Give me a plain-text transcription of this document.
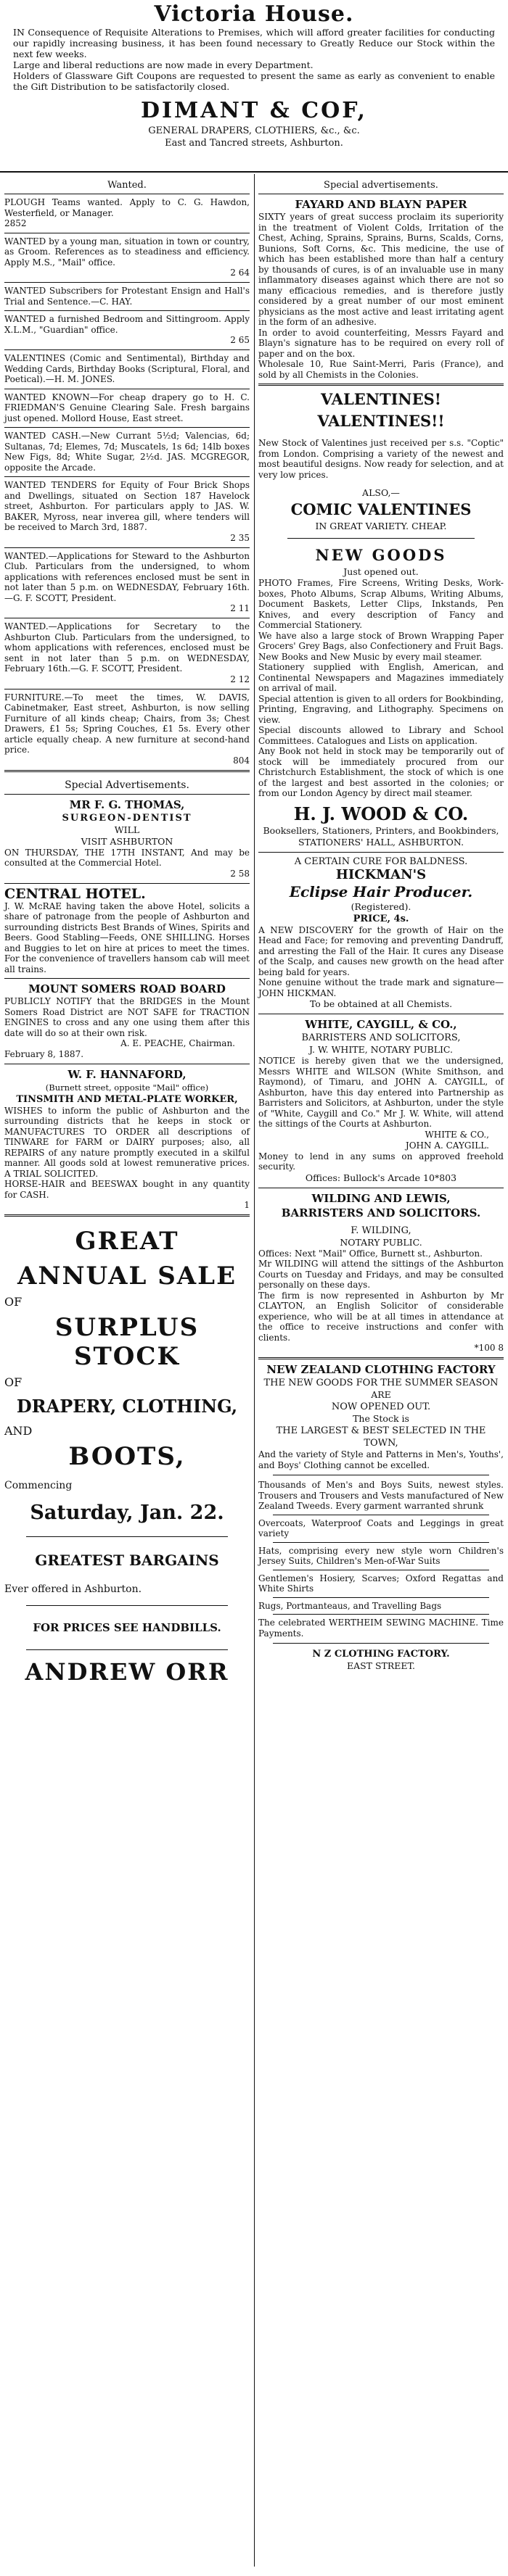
Victoria House.

IN Consequence of Requisite Alterations to Premises, which will afford greater facilities for conducting our rapidly increasing business, it has been found necessary to Greatly Reduce our Stock within the next few weeks.

Large and liberal reductions are now made in every Department.

Holders of Glassware Gift Coupons are requested to present the same as early as convenient to enable the Gift Distribution to be satisfactorily closed.

DIMANT & COF,
GENERAL DRAPERS, CLOTHIERS, &c., &c.
East and Tancred streets, Ashburton.
Wanted.

PLOUGH Teams wanted. Apply to C. G. Hawdon, Westerfield, or Manager.

2852

WANTED by a young man, situation in town or country, as Groom. References as to steadiness and efficiency. Apply M.S., "Mail" office.

2 64

WANTED Subscribers for Protestant Ensign and Hall's Trial and Sentence.—C. HAY.

WANTED a furnished Bedroom and Sittingroom. Apply X.L.M., "Guardian" office.

2 65

VALENTINES (Comic and Sentimental), Birthday and Wedding Cards, Birthday Books (Scriptural, Floral, and Poetical).—H. M. JONES.

WANTED KNOWN—For cheap drapery go to H. C. FRIEDMAN'S Genuine Clearing Sale. Fresh bargains just opened. Mollord House, East street.

WANTED CASH.—New Currant 5½d; Valencias, 6d; Sultanas, 7d; Elemes, 7d; Muscatels, 1s 6d; 14lb boxes New Figs, 8d; White Sugar, 2½d. JAS. MCGREGOR, opposite the Arcade.

WANTED TENDERS for Equity of Four Brick Shops and Dwellings, situated on Section 187 Havelock street, Ashburton. For particulars apply to JAS. W. BAKER, Myross, near inverea gill, where tenders will be received to March 3rd, 1887.

2 35

WANTED.—Applications for Steward to the Ashburton Club. Particulars from the undersigned, to whom applications with references enclosed must be sent in not later than 5 p.m. on WEDNESDAY, February 16th.—G. F. SCOTT, President.

2 11

WANTED.—Applications for Secretary to the Ashburton Club. Particulars from the undersigned, to whom applications with references, enclosed must be sent in not later than 5 p.m. on WEDNESDAY, February 16th.—G. F. SCOTT, President.

2 12

FURNITURE.—To meet the times, W. DAVIS, Cabinetmaker, East street, Ashburton, is now selling Furniture of all kinds cheap; Chairs, from 3s; Chest Drawers, £1 5s; Spring Couches, £1 5s. Every other article equally cheap. A new furniture at second-hand price.

804

Special Advertisements.
MR F. G. THOMAS,
SURGEON-DENTIST
WILL
VISIT ASHBURTON

ON THURSDAY, THE 17TH INSTANT, And may be consulted at the Commercial Hotel.

2 58

CENTRAL HOTEL.

J. W. McRAE having taken the above Hotel, solicits a share of patronage from the people of Ashburton and surrounding districts Best Brands of Wines, Spirits and Beers. Good Stabling—Feeds, ONE SHILLING. Horses and Buggies to let on hire at prices to meet the times. For the convenience of travellers hansom cab will meet all trains.

MOUNT SOMERS ROAD BOARD

PUBLICLY NOTIFY that the BRIDGES in the Mount Somers Road District are NOT SAFE for TRACTION ENGINES to cross and any one using them after this date will do so at their own risk.

A. E. PEACHE, Chairman.

February 8, 1887.

W. F. HANNAFORD,
(Burnett street, opposite "Mail" office)
TINSMITH AND METAL-PLATE WORKER,

WISHES to inform the public of Ashburton and the surrounding districts that he keeps in stock or MANUFACTURES TO ORDER all descriptions of TINWARE for FARM or DAIRY purposes; also, all REPAIRS of any nature promptly executed in a skilful manner. All goods sold at lowest remunerative prices. A TRIAL SOLICITED.

HORSE-HAIR and BEESWAX bought in any quantity for CASH.

1

GREAT
ANNUAL SALE
OF
SURPLUS STOCK
OF
DRAPERY, CLOTHING,
AND
BOOTS,
Commencing
Saturday, Jan. 22.
GREATEST BARGAINS
Ever offered in Ashburton.
FOR PRICES SEE HANDBILLS.
ANDREW ORR
Special advertisements.
FAYARD AND BLAYN PAPER

SIXTY years of great success proclaim its superiority in the treatment of Violent Colds, Irritation of the Chest, Aching, Sprains, Sprains, Burns, Scalds, Corns, Bunions, Soft Corns, &c. This medicine, the use of which has been established more than half a century by thousands of cures, is of an invaluable use in many inflammatory diseases against which there are not so many efficacious remedies, and is therefore justly considered by a great number of our most eminent physicians as the most active and least irritating agent in the form of an adhesive.

In order to avoid counterfeiting, Messrs Fayard and Blayn's signature has to be required on every roll of paper and on the box.

Wholesale 10, Rue Saint-Merri, Paris (France), and sold by all Chemists in the Colonies.

VALENTINES! VALENTINES!!

New Stock of Valentines just received per s.s. "Coptic" from London. Comprising a variety of the newest and most beautiful designs. Now ready for selection, and at very low prices.

ALSO,—
COMIC VALENTINES
IN GREAT VARIETY. CHEAP.
NEW GOODS
Just opened out.

PHOTO Frames, Fire Screens, Writing Desks, Work-boxes, Photo Albums, Scrap Albums, Writing Albums, Document Baskets, Letter Clips, Inkstands, Pen Knives, and every description of Fancy and Commercial Stationery.

We have also a large stock of Brown Wrapping Paper Grocers' Grey Bags, also Confectionery and Fruit Bags.

New Books and New Music by every mail steamer.

Stationery supplied with English, American, and Continental Newspapers and Magazines immediately on arrival of mail.

Special attention is given to all orders for Bookbinding, Printing, Engraving, and Lithography. Specimens on view.

Special discounts allowed to Library and School Committees. Catalogues and Lists on application.

Any Book not held in stock may be temporarily out of stock will be immediately procured from our Christchurch Establishment, the stock of which is one of the largest and best assorted in the colonies; or from our London Agency by direct mail steamer.

H. J. WOOD & CO.
Booksellers, Stationers, Printers, and Bookbinders,
STATIONERS' HALL, ASHBURTON.
A CERTAIN CURE FOR BALDNESS.
HICKMAN'S
Eclipse Hair Producer.
(Registered).
PRICE, 4s.

A NEW DISCOVERY for the growth of Hair on the Head and Face; for removing and preventing Dandruff, and arresting the Fall of the Hair. It cures any Disease of the Scalp, and causes new growth on the head after being bald for years.

None genuine without the trade mark and signature—JOHN HICKMAN.

To be obtained at all Chemists.

WHITE, CAYGILL, & CO.,
BARRISTERS AND SOLICITORS,
J. W. WHITE, NOTARY PUBLIC.

NOTICE is hereby given that we the undersigned, Messrs WHITE and WILSON (White Smithson, and Raymond), of Timaru, and JOHN A. CAYGILL, of Ashburton, have this day entered into Partnership as Barristers and Solicitors, at Ashburton, under the style of "White, Caygill and Co." Mr J. W. White, will attend the sittings of the Courts at Ashburton.

WHITE & CO.,

JOHN A. CAYGILL.

Money to lend in any sums on approved freehold security.

Offices: Bullock's Arcade 10*803

WILDING AND LEWIS,
BARRISTERS AND SOLICITORS.
F. WILDING,
NOTARY PUBLIC.

Offices: Next "Mail" Office, Burnett st., Ashburton.

Mr WILDING will attend the sittings of the Ashburton Courts on Tuesday and Fridays, and may be consulted personally on these days.

The firm is now represented in Ashburton by Mr CLAYTON, an English Solicitor of considerable experience, who will be at all times in attendance at the office to receive instructions and confer with clients.

*100 8

NEW ZEALAND CLOTHING FACTORY
THE NEW GOODS FOR THE SUMMER SEASON
ARE
NOW OPENED OUT.
The Stock is
THE LARGEST & BEST SELECTED IN THE TOWN,

And the variety of Style and Patterns in Men's, Youths', and Boys' Clothing cannot be excelled.

Thousands of Men's and Boys Suits, newest styles. Trousers and Trousers and Vests manufactured of New Zealand Tweeds. Every garment warranted shrunk

Overcoats, Waterproof Coats and Leggings in great variety

Hats, comprising every new style worn Children's Jersey Suits, Children's Men-of-War Suits

Gentlemen's Hosiery, Scarves; Oxford Regattas and White Shirts

Rugs, Portmanteaus, and Travelling Bags

The celebrated WERTHEIM SEWING MACHINE. Time Payments.

N Z CLOTHING FACTORY.
EAST STREET.
